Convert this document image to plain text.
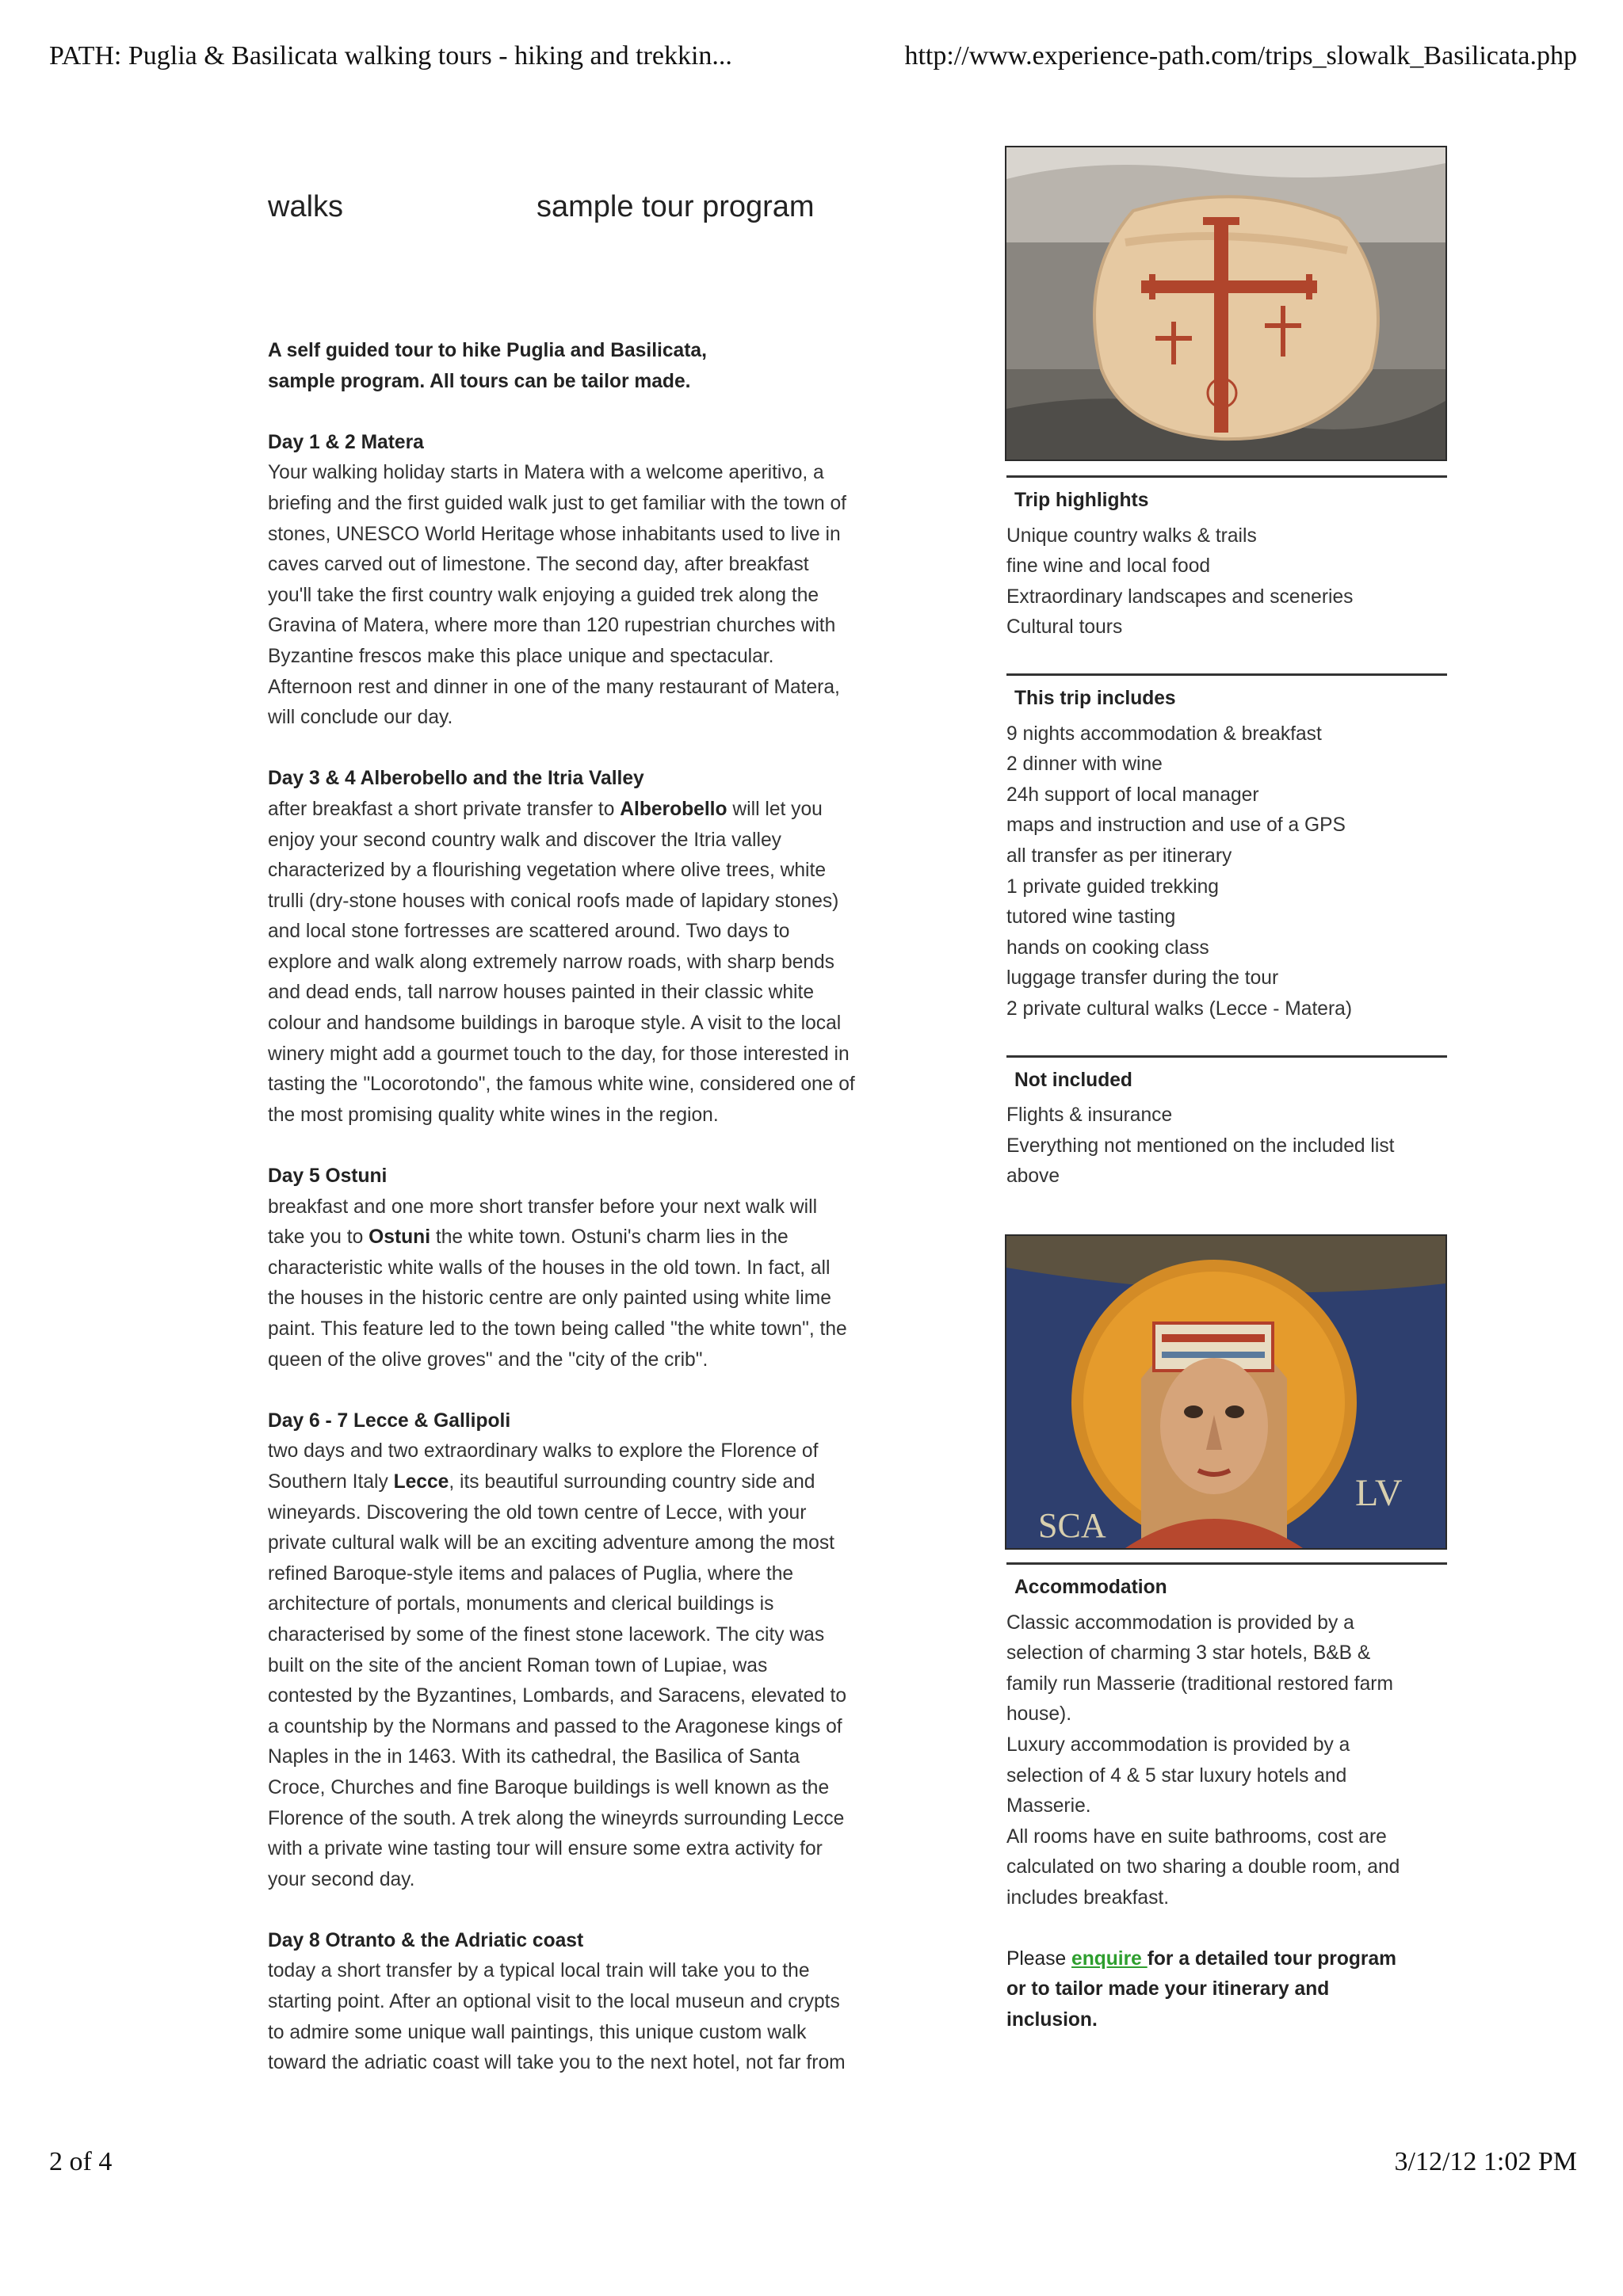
PATH: Puglia & Basilicata walking tours - hiking and trekkin...	http://www.experience-path.com/trips_slowalk_Basilicata.php
walks	sample tour program

A self guided tour to hike Puglia and Basilicata,

sample program. All tours can be tailor made.

Day 1 & 2 Matera

Your walking holiday starts in Matera with a welcome aperitivo, a

briefing and the first guided walk just to get familiar with the town of

stones, UNESCO World Heritage whose inhabitants used to live in

caves carved out of limestone. The second day, after breakfast

you'll take the first country walk enjoying a guided trek along the

Gravina of Matera, where more than 120 rupestrian churches with

Byzantine frescos make this place unique and spectacular.

Afternoon rest and dinner in one of the many restaurant of Matera,

will conclude our day.

Day 3 & 4 Alberobello and the Itria Valley

after breakfast a short private transfer to Alberobello will let you

enjoy your second country walk and discover the Itria valley

characterized by a flourishing vegetation where olive trees, white

trulli (dry-stone houses with conical roofs made of lapidary stones)

and local stone fortresses are scattered around. Two days to

explore and walk along extremely narrow roads, with sharp bends

and dead ends, tall narrow houses painted in their classic white

colour and handsome buildings in baroque style. A visit to the local

winery might add a gourmet touch to the day, for those interested in

tasting the "Locorotondo", the famous white wine, considered one of

the most promising quality white wines in the region.

Day 5 Ostuni

breakfast and one more short transfer before your next walk will

take you to Ostuni the white town. Ostuni's charm lies in the

characteristic white walls of the houses in the old town. In fact, all

the houses in the historic centre are only painted using white lime

paint. This feature led to the town being called "the white town", the

queen of the olive groves" and the "city of the crib".

Day 6 - 7 Lecce & Gallipoli

two days and two extraordinary walks to explore the Florence of

Southern Italy Lecce, its beautiful surrounding country side and

wineyards. Discovering the old town centre of Lecce, with your

private cultural walk will be an exciting adventure among the most

refined Baroque-style items and palaces of Puglia, where the

architecture of portals, monuments and clerical buildings is

characterised by some of the finest stone lacework. The city was

built on the site of the ancient Roman town of Lupiae, was

contested by the Byzantines, Lombards, and Saracens, elevated to

a countship by the Normans and passed to the Aragonese kings of

Naples in the in 1463. With its cathedral, the Basilica of Santa

Croce, Churches and fine Baroque buildings is well known as the

Florence of the south. A trek along the wineyrds surrounding Lecce

with a private wine tasting tour will ensure some extra activity for

your second day.

Day 8 Otranto & the Adriatic coast

today a short transfer by a typical local train will take you to the

starting point. After an optional visit to the local museun and crypts

to admire some unique wall paintings, this unique custom walk

toward the adriatic coast will take you to the next hotel, not far from

Trip highlights
Unique country walks & trails
fine wine and local food
Extraordinary landscapes and sceneries
Cultural tours
This trip includes
9 nights accommodation & breakfast
2 dinner with wine
24h support of local manager
maps and instruction and use of a GPS
all transfer as per itinerary
1 private guided trekking
tutored wine tasting
hands on cooking class
luggage transfer during the tour
2 private cultural walks (Lecce - Matera)
Not included
Flights & insurance
Everything not mentioned on the included list
above
SCA
LV
Accommodation
Classic accommodation is provided by a
selection of charming 3 star hotels, B&B &
family run Masserie (traditional restored farm
house).
Luxury accommodation is provided by a
selection of 4 & 5 star luxury hotels and
Masserie.
All rooms have en suite bathrooms, cost are
calculated on two sharing a double room, and
includes breakfast.
Please enquire for a detailed tour program
or to tailor made your itinerary and
inclusion.
2 of 4	3/12/12 1:02 PM
